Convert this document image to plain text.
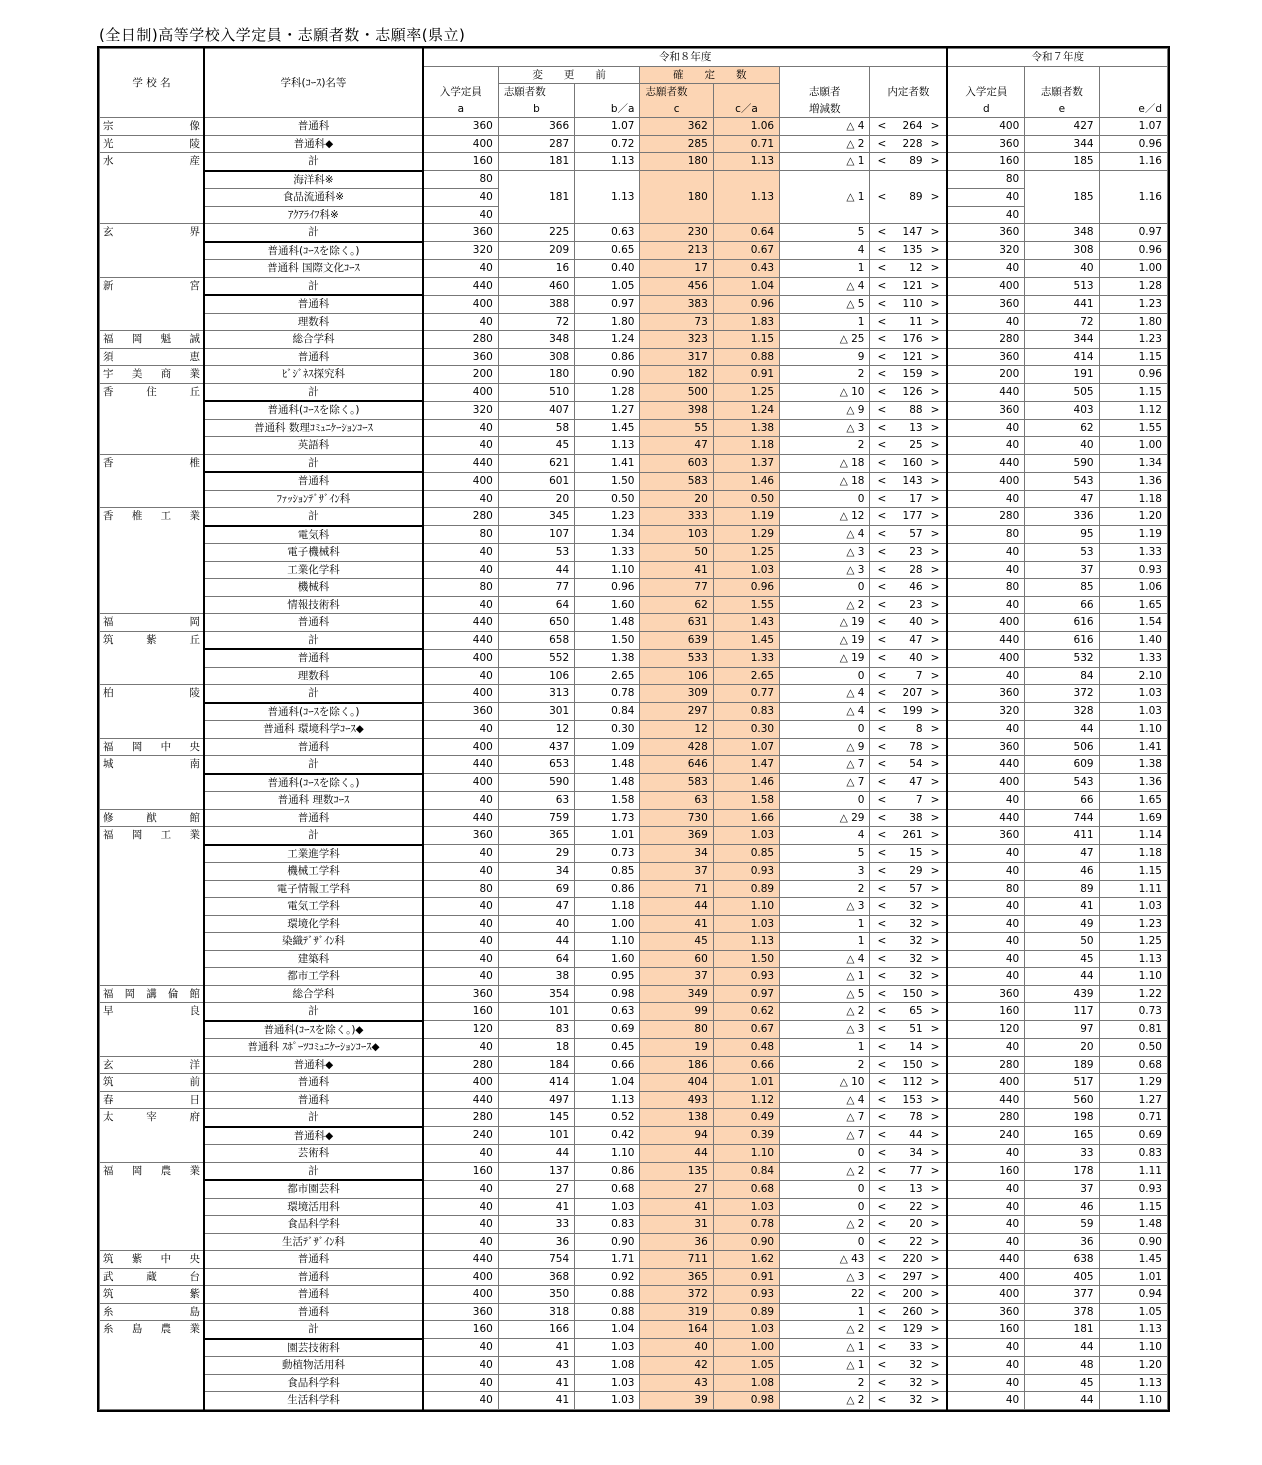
(全日制)高等学校入学定員・志願者数・志願率(県立)
学 校 名	学科(ｺｰｽ)名等	令和８年度							令和７年度		
		入学定員	変　　更　　前		確　　定　　数		志願者	内定者数	入学定員	志願者数	
			志願者数		志願者数						
		a	b	b／a	c	c／a	増減数		d	e	e／d
宗像	普通科	360	366	1.07	362	1.06	△ 4	< 264 >	400	427	1.07
光陵	普通科◆	400	287	0.72	285	0.71	△ 2	< 228 >	360	344	0.96
水産	計	160	181	1.13	180	1.13	△ 1	< 89 >	160	185	1.16
	海洋科※	80	181	1.13	180	1.13	△ 1	< 89 >	80	185	1.16
	食品流通科※	40							40		
	ｱｸｱﾗｲﾌ科※	40							40		
玄界	計	360	225	0.63	230	0.64	5	< 147 >	360	348	0.97
	普通科(ｺｰｽを除く。)	320	209	0.65	213	0.67	4	< 135 >	320	308	0.96
	普通科 国際文化ｺｰｽ	40	16	0.40	17	0.43	1	< 12 >	40	40	1.00
新宮	計	440	460	1.05	456	1.04	△ 4	< 121 >	400	513	1.28
	普通科	400	388	0.97	383	0.96	△ 5	< 110 >	360	441	1.23
	理数科	40	72	1.80	73	1.83	1	< 11 >	40	72	1.80
福岡魁誠	総合学科	280	348	1.24	323	1.15	△ 25	< 176 >	280	344	1.23
須恵	普通科	360	308	0.86	317	0.88	9	< 121 >	360	414	1.15
宇美商業	ﾋﾞｼﾞﾈｽ探究科	200	180	0.90	182	0.91	2	< 159 >	200	191	0.96
香住丘	計	400	510	1.28	500	1.25	△ 10	< 126 >	440	505	1.15
	普通科(ｺｰｽを除く。)	320	407	1.27	398	1.24	△ 9	< 88 >	360	403	1.12
	普通科 数理ｺﾐｭﾆｹｰｼｮﾝｺｰｽ	40	58	1.45	55	1.38	△ 3	< 13 >	40	62	1.55
	英語科	40	45	1.13	47	1.18	2	< 25 >	40	40	1.00
香椎	計	440	621	1.41	603	1.37	△ 18	< 160 >	440	590	1.34
	普通科	400	601	1.50	583	1.46	△ 18	< 143 >	400	543	1.36
	ﾌｧｯｼｮﾝﾃﾞｻﾞｲﾝ科	40	20	0.50	20	0.50	0	< 17 >	40	47	1.18
香椎工業	計	280	345	1.23	333	1.19	△ 12	< 177 >	280	336	1.20
	電気科	80	107	1.34	103	1.29	△ 4	< 57 >	80	95	1.19
	電子機械科	40	53	1.33	50	1.25	△ 3	< 23 >	40	53	1.33
	工業化学科	40	44	1.10	41	1.03	△ 3	< 28 >	40	37	0.93
	機械科	80	77	0.96	77	0.96	0	< 46 >	80	85	1.06
	情報技術科	40	64	1.60	62	1.55	△ 2	< 23 >	40	66	1.65
福岡	普通科	440	650	1.48	631	1.43	△ 19	< 40 >	400	616	1.54
筑紫丘	計	440	658	1.50	639	1.45	△ 19	< 47 >	440	616	1.40
	普通科	400	552	1.38	533	1.33	△ 19	< 40 >	400	532	1.33
	理数科	40	106	2.65	106	2.65	0	< 7 >	40	84	2.10
柏陵	計	400	313	0.78	309	0.77	△ 4	< 207 >	360	372	1.03
	普通科(ｺｰｽを除く。)	360	301	0.84	297	0.83	△ 4	< 199 >	320	328	1.03
	普通科 環境科学ｺｰｽ◆	40	12	0.30	12	0.30	0	< 8 >	40	44	1.10
福岡中央	普通科	400	437	1.09	428	1.07	△ 9	< 78 >	360	506	1.41
城南	計	440	653	1.48	646	1.47	△ 7	< 54 >	440	609	1.38
	普通科(ｺｰｽを除く。)	400	590	1.48	583	1.46	△ 7	< 47 >	400	543	1.36
	普通科 理数ｺｰｽ	40	63	1.58	63	1.58	0	< 7 >	40	66	1.65
修猷館	普通科	440	759	1.73	730	1.66	△ 29	< 38 >	440	744	1.69
福岡工業	計	360	365	1.01	369	1.03	4	< 261 >	360	411	1.14
	工業進学科	40	29	0.73	34	0.85	5	< 15 >	40	47	1.18
	機械工学科	40	34	0.85	37	0.93	3	< 29 >	40	46	1.15
	電子情報工学科	80	69	0.86	71	0.89	2	< 57 >	80	89	1.11
	電気工学科	40	47	1.18	44	1.10	△ 3	< 32 >	40	41	1.03
	環境化学科	40	40	1.00	41	1.03	1	< 32 >	40	49	1.23
	染織ﾃﾞｻﾞｲﾝ科	40	44	1.10	45	1.13	1	< 32 >	40	50	1.25
	建築科	40	64	1.60	60	1.50	△ 4	< 32 >	40	45	1.13
	都市工学科	40	38	0.95	37	0.93	△ 1	< 32 >	40	44	1.10
福岡講倫館	総合学科	360	354	0.98	349	0.97	△ 5	< 150 >	360	439	1.22
早良	計	160	101	0.63	99	0.62	△ 2	< 65 >	160	117	0.73
	普通科(ｺｰｽを除く。)◆	120	83	0.69	80	0.67	△ 3	< 51 >	120	97	0.81
	普通科 ｽﾎﾟｰﾂｺﾐｭﾆｹｰｼｮﾝｺｰｽ◆	40	18	0.45	19	0.48	1	< 14 >	40	20	0.50
玄洋	普通科◆	280	184	0.66	186	0.66	2	< 150 >	280	189	0.68
筑前	普通科	400	414	1.04	404	1.01	△ 10	< 112 >	400	517	1.29
春日	普通科	440	497	1.13	493	1.12	△ 4	< 153 >	440	560	1.27
太宰府	計	280	145	0.52	138	0.49	△ 7	< 78 >	280	198	0.71
	普通科◆	240	101	0.42	94	0.39	△ 7	< 44 >	240	165	0.69
	芸術科	40	44	1.10	44	1.10	0	< 34 >	40	33	0.83
福岡農業	計	160	137	0.86	135	0.84	△ 2	< 77 >	160	178	1.11
	都市園芸科	40	27	0.68	27	0.68	0	< 13 >	40	37	0.93
	環境活用科	40	41	1.03	41	1.03	0	< 22 >	40	46	1.15
	食品科学科	40	33	0.83	31	0.78	△ 2	< 20 >	40	59	1.48
	生活ﾃﾞｻﾞｲﾝ科	40	36	0.90	36	0.90	0	< 22 >	40	36	0.90
筑紫中央	普通科	440	754	1.71	711	1.62	△ 43	< 220 >	440	638	1.45
武蔵台	普通科	400	368	0.92	365	0.91	△ 3	< 297 >	400	405	1.01
筑紫	普通科	400	350	0.88	372	0.93	22	< 200 >	400	377	0.94
糸島	普通科	360	318	0.88	319	0.89	1	< 260 >	360	378	1.05
糸島農業	計	160	166	1.04	164	1.03	△ 2	< 129 >	160	181	1.13
	園芸技術科	40	41	1.03	40	1.00	△ 1	< 33 >	40	44	1.10
	動植物活用科	40	43	1.08	42	1.05	△ 1	< 32 >	40	48	1.20
	食品科学科	40	41	1.03	43	1.08	2	< 32 >	40	45	1.13
	生活科学科	40	41	1.03	39	0.98	△ 2	< 32 >	40	44	1.10
